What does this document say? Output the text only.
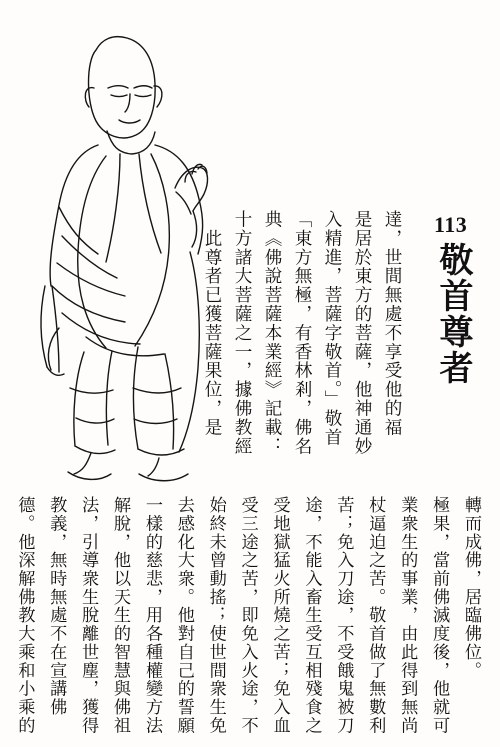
113
敬首尊者
達，世間無處不享受他的福
是居於東方的菩薩，他神通妙
入精進，菩薩字敬首。」敬首
「東方無極，有香林剎，佛名
典《佛說菩薩本業經》記載：
十方諸大菩薩之一，據佛教經
　此尊者已獲菩薩果位，是
轉而成佛，居臨佛位。
極果，當前佛滅度後，他就可
業衆生的事業，由此得到無尚
杖逼迫之苦。敬首做了無數利
苦；免入刀途，不受餓鬼被刀
途，不能入畜生受互相殘食之
受地獄猛火所燒之苦；免入血
受三途之苦，即免入火途，不
始終未曾動搖；使世間衆生免
去感化大衆。他對自己的誓願
一樣的慈悲，用各種權變方法
解脫，他以天生的智慧與佛祖
法，引導衆生脫離世塵，獲得
教義，無時無處不在宣講佛
德。他深解佛教大乘和小乘的
